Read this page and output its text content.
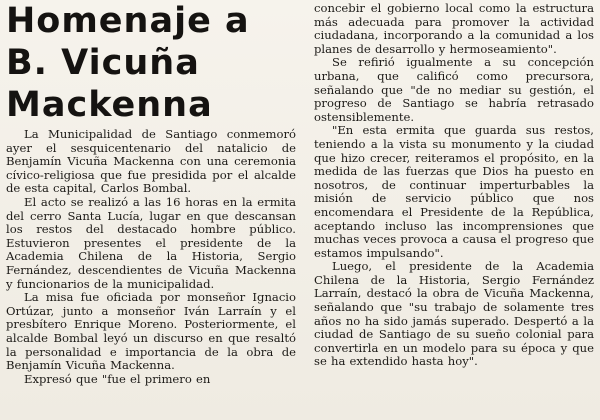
Homenaje a
B. Vicuña
Mackenna

La Municipalidad de Santiago conmemoró ayer el sesquicentenario del natalicio de Benjamín Vicuña Mackenna con una ceremonia cívico-religiosa que fue presidida por el alcalde de esta capital, Carlos Bombal.

El acto se realizó a las 16 horas en la ermita del cerro Santa Lucía, lugar en que descansan los restos del destacado hombre público. Estuvieron presentes el presidente de la Academia Chilena de la Historia, Sergio Fernández, descendientes de Vicuña Mackenna y funcionarios de la municipalidad.

La misa fue oficiada por monseñor Ignacio Ortúzar, junto a monseñor Iván Larraín y el presbítero Enrique Moreno. Posteriormente, el alcalde Bombal leyó un discurso en que resaltó la personalidad e importancia de la obra de Benjamín Vicuña Mackenna.

Expresó que "fue el primero en

concebir el gobierno local como la estructura más adecuada para promover la actividad ciudadana, incorporando a la comunidad a los planes de desarrollo y hermoseamiento".

Se refirió igualmente a su concepción urbana, que calificó como precursora, señalando que "de no mediar su gestión, el progreso de Santiago se habría retrasado ostensiblemente.

"En esta ermita que guarda sus restos, teniendo a la vista su monumento y la ciudad que hizo crecer, reiteramos el propósito, en la medida de las fuerzas que Dios ha puesto en nosotros, de continuar imperturbables la misión de servicio público que nos encomendara el Presidente de la República, aceptando incluso las incomprensiones que muchas veces provoca a causa el progreso que estamos impulsando".

Luego, el presidente de la Academia Chilena de la Historia, Sergio Fernández Larraín, destacó la obra de Vicuña Mackenna, señalando que "su trabajo de solamente tres años no ha sido jamás superado. Despertó a la ciudad de Santiago de su sueño colonial para convertirla en un modelo para su época y que se ha extendido hasta hoy".
